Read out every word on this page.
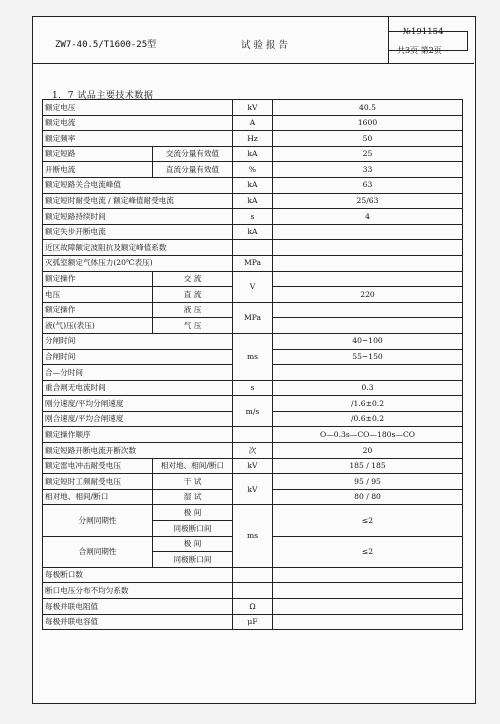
ZW7-40.5/T1600-25型	试 验 报 告
№191154
共3页 第2页
1．7 试品主要技术数据
额定电压		kV	40.5
额定电流		A	1600
额定频率		Hz	50
额定短路	交流分量有效值	kA	25
开断电流	直流分量有效值	%	33
额定短路关合电流峰值		kA	63
额定短时耐受电流 / 额定峰值耐受电流		kA	25/63
额定短路持续时间		s	4
额定失步开断电流		kA	
近区故障额定波阻抗及额定峰值系数			
灭弧室额定气体压力(20℃表压)		MPa	
额定操作	交 流	V	
电压	直 流		220
额定操作	液 压	MPa	
液(气)压(表压)	气 压		
分闸时间		ms	40~100
合闸时间			55~150
合—分时间			
重合闸无电流时间		s	0.3
刚分速度/平均分闸速度		m/s	/1.6±0.2
刚合速度/平均合闸速度			/0.6±0.2
额定操作顺序			O—0.3s—CO—180s—CO
额定短路开断电流开断次数		次	20
额定雷电冲击耐受电压	相对地、相间/断口	kV	185 / 185
额定短时工频耐受电压	干 试	kV	95 / 95
相对地、相间/断口	湿 试		80 / 80
分闸同期性	极 间	ms	≤2
	同极断口间		
合闸同期性	极 间		≤2
	同极断口间		
每极断口数			
断口电压分布不均匀系数			
每极并联电阻值		Ω	
每极并联电容值		μF	
